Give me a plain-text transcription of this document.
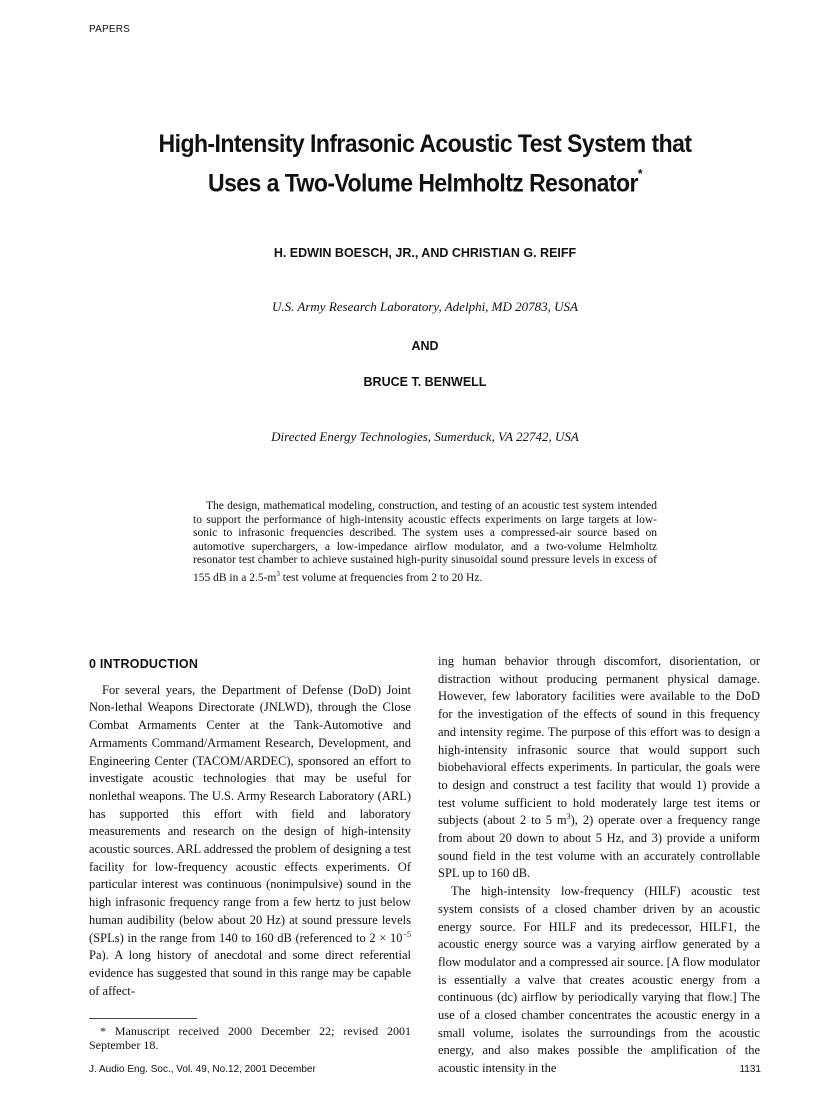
PAPERS
High-Intensity Infrasonic Acoustic Test System that
Uses a Two-Volume Helmholtz Resonator*
H. EDWIN BOESCH, JR., AND CHRISTIAN G. REIFF
U.S. Army Research Laboratory, Adelphi, MD 20783, USA
AND
BRUCE T. BENWELL
Directed Energy Technologies, Sumerduck, VA 22742, USA

The design, mathematical modeling, construction, and testing of an acoustic test system intended to support the performance of high-intensity acoustic effects experiments on large targets at low-sonic to infrasonic frequencies described. The system uses a compressed-air source based on automotive superchargers, a low-impedance airflow modulator, and a two-volume Helmholtz resonator test chamber to achieve sustained high-purity sinusoidal sound pressure levels in excess of 155 dB in a $2.5-m^3$ test volume at frequencies from 2 to 20 Hz.

0 INTRODUCTION

For several years, the Department of Defense (DoD) Joint Non-lethal Weapons Directorate (JNLWD), through the Close Combat Armaments Center at the Tank-Automotive and Armaments Command/Armament Research, Development, and Engineering Center (TACOM/ARDEC), sponsored an effort to investigate acoustic technologies that may be useful for nonlethal weapons. The U.S. Army Research Laboratory (ARL) has supported this effort with field and laboratory measurements and research on the design of high-intensity acoustic sources. ARL addressed the problem of designing a test facility for low-frequency acoustic effects experiments. Of particular interest was continuous (nonimpulsive) sound in the high infrasonic frequency range from a few hertz to just below human audibility (below about 20 Hz) at sound pressure levels (SPLs) in the range from 140 to 160 dB (referenced to $2 \times 10^{-5}$ Pa). A long history of anecdotal and some direct referential evidence has suggested that sound in this range may be capable of affect-

ing human behavior through discomfort, disorientation, or distraction without producing permanent physical damage. However, few laboratory facilities were available to the DoD for the investigation of the effects of sound in this frequency and intensity regime. The purpose of this effort was to design a high-intensity infrasonic source that would support such biobehavioral effects experiments. In particular, the goals were to design and construct a test facility that would 1) provide a test volume sufficient to hold moderately large test items or subjects (about 2 to 5 $m^3$), 2) operate over a frequency range from about 20 down to about 5 Hz, and 3) provide a uniform sound field in the test volume with an accurately controllable SPL up to 160 dB.

The high-intensity low-frequency (HILF) acoustic test system consists of a closed chamber driven by an acoustic energy source. For HILF and its predecessor, HILF1, the acoustic energy source was a varying airflow generated by a flow modulator and a compressed air source. [A flow modulator is essentially a valve that creates acoustic energy from a continuous (dc) airflow by periodically varying that flow.] The use of a closed chamber concentrates the acoustic energy in a small volume, isolates the surroundings from the acoustic energy, and also makes possible the amplification of the acoustic intensity in the

* Manuscript received 2000 December 22; revised 2001 September 18.

J. Audio Eng. Soc., Vol. 49, No.12, 2001 December	1131
